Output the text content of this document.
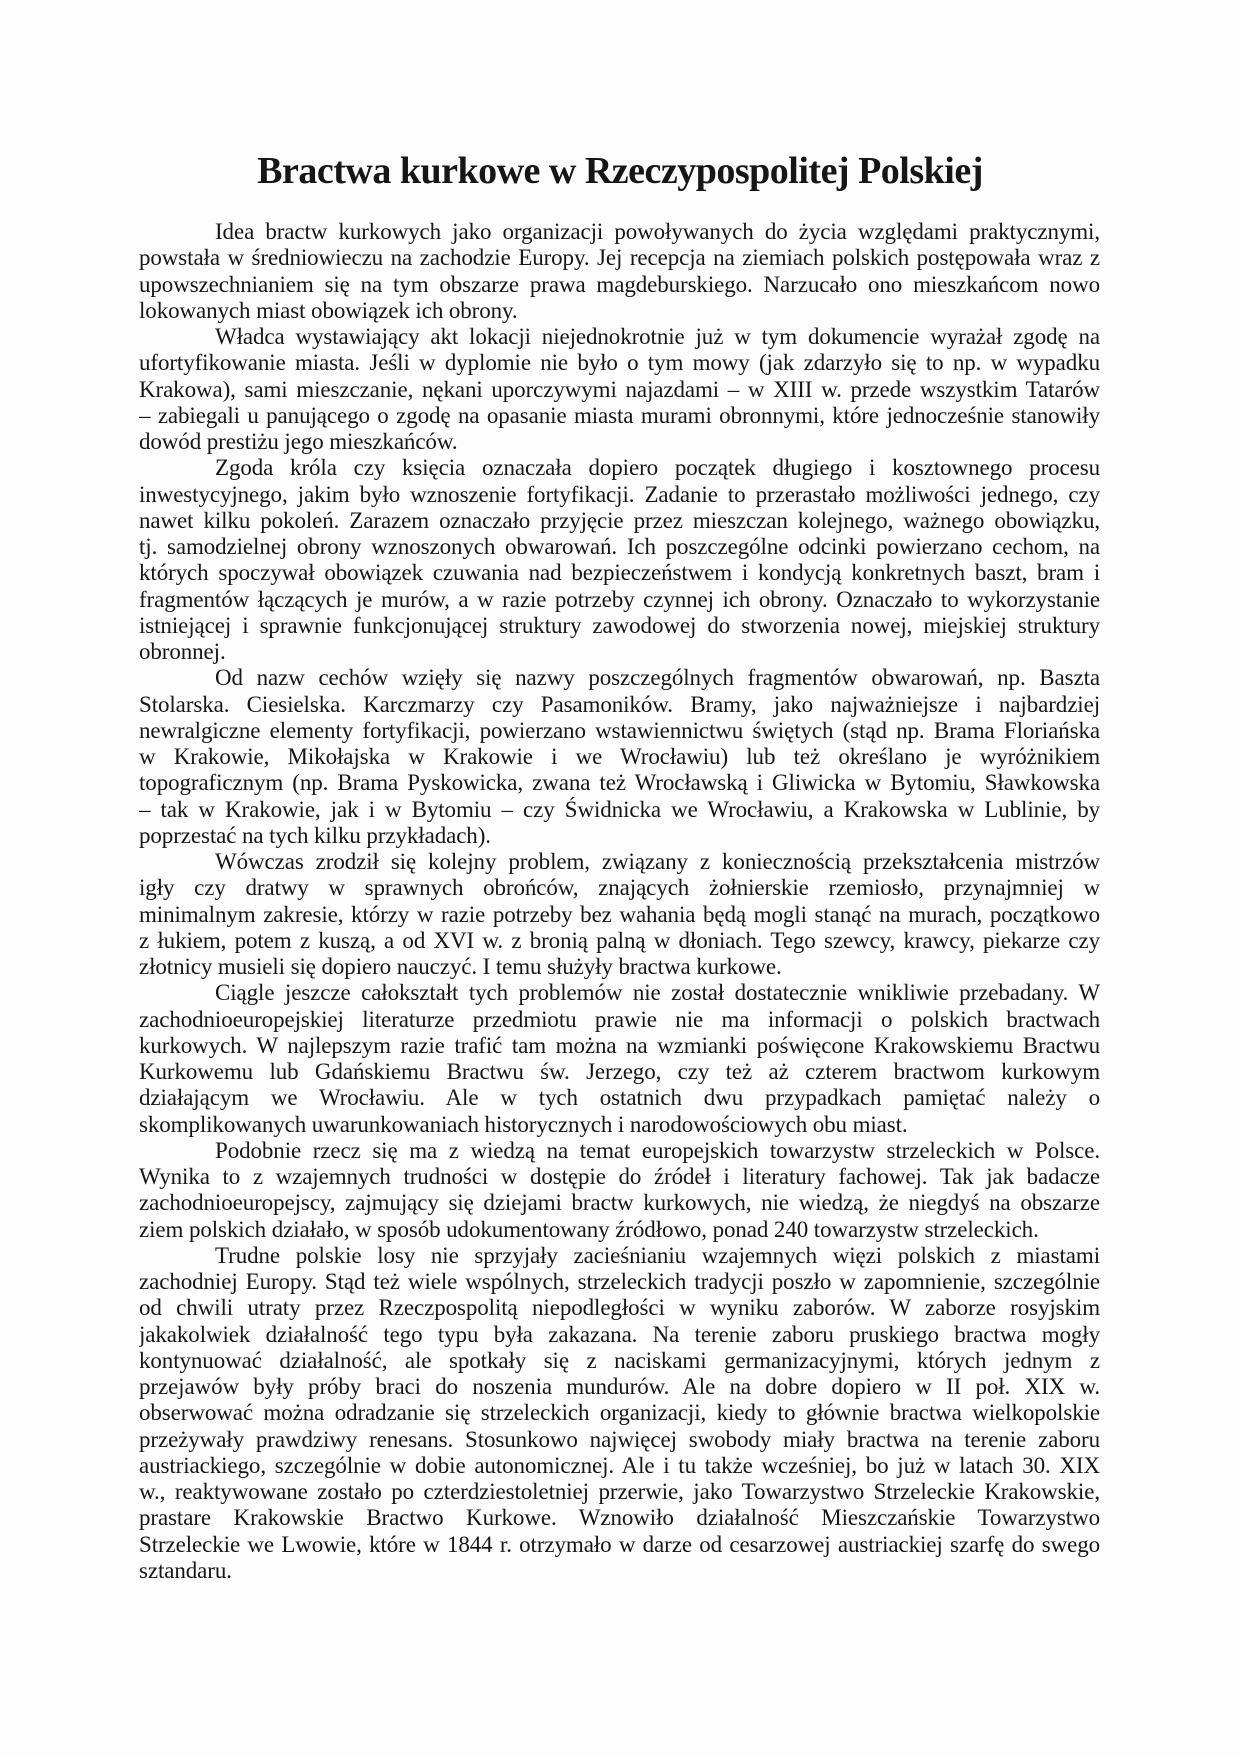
Bractwa kurkowe w Rzeczypospolitej Polskiej
Idea bractw kurkowych jako organizacji powoływanych do życia względami praktycznymi,
powstała w średniowieczu na zachodzie Europy. Jej recepcja na ziemiach polskich postępowała wraz z
upowszechnianiem się na tym obszarze prawa magdeburskiego. Narzucało ono mieszkańcom nowo
lokowanych miast obowiązek ich obrony.
Władca wystawiający akt lokacji niejednokrotnie już w tym dokumencie wyrażał zgodę na
ufortyfikowanie miasta. Jeśli w dyplomie nie było o tym mowy (jak zdarzyło się to np. w wypadku
Krakowa), sami mieszczanie, nękani uporczywymi najazdami – w XIII w. przede wszystkim Tatarów
– zabiegali u panującego o zgodę na opasanie miasta murami obronnymi, które jednocześnie stanowiły
dowód prestiżu jego mieszkańców.
Zgoda króla czy księcia oznaczała dopiero początek długiego i kosztownego procesu
inwestycyjnego, jakim było wznoszenie fortyfikacji. Zadanie to przerastało możliwości jednego, czy
nawet kilku pokoleń. Zarazem oznaczało przyjęcie przez mieszczan kolejnego, ważnego obowiązku,
tj. samodzielnej obrony wznoszonych obwarowań. Ich poszczególne odcinki powierzano cechom, na
których spoczywał obowiązek czuwania nad bezpieczeństwem i kondycją konkretnych baszt, bram i
fragmentów łączących je murów, a w razie potrzeby czynnej ich obrony. Oznaczało to wykorzystanie
istniejącej i sprawnie funkcjonującej struktury zawodowej do stworzenia nowej, miejskiej struktury
obronnej.
Od nazw cechów wzięły się nazwy poszczególnych fragmentów obwarowań, np. Baszta
Stolarska. Ciesielska. Karczmarzy czy Pasamoników. Bramy, jako najważniejsze i najbardziej
newralgiczne elementy fortyfikacji, powierzano wstawiennictwu świętych (stąd np. Brama Floriańska
w Krakowie, Mikołajska w Krakowie i we Wrocławiu) lub też określano je wyróżnikiem
topograficznym (np. Brama Pyskowicka, zwana też Wrocławską i Gliwicka w Bytomiu, Sławkowska
– tak w Krakowie, jak i w Bytomiu – czy Świdnicka we Wrocławiu, a Krakowska w Lublinie, by
poprzestać na tych kilku przykładach).
Wówczas zrodził się kolejny problem, związany z koniecznością przekształcenia mistrzów
igły czy dratwy w sprawnych obrońców, znających żołnierskie rzemiosło, przynajmniej w
minimalnym zakresie, którzy w razie potrzeby bez wahania będą mogli stanąć na murach, początkowo
z łukiem, potem z kuszą, a od XVI w. z bronią palną w dłoniach. Tego szewcy, krawcy, piekarze czy
złotnicy musieli się dopiero nauczyć. I temu służyły bractwa kurkowe.
Ciągle jeszcze całokształt tych problemów nie został dostatecznie wnikliwie przebadany. W
zachodnioeuropejskiej literaturze przedmiotu prawie nie ma informacji o polskich bractwach
kurkowych. W najlepszym razie trafić tam można na wzmianki poświęcone Krakowskiemu Bractwu
Kurkowemu lub Gdańskiemu Bractwu św. Jerzego, czy też aż czterem bractwom kurkowym
działającym we Wrocławiu. Ale w tych ostatnich dwu przypadkach pamiętać należy o
skomplikowanych uwarunkowaniach historycznych i narodowościowych obu miast.
Podobnie rzecz się ma z wiedzą na temat europejskich towarzystw strzeleckich w Polsce.
Wynika to z wzajemnych trudności w dostępie do źródeł i literatury fachowej. Tak jak badacze
zachodnioeuropejscy, zajmujący się dziejami bractw kurkowych, nie wiedzą, że niegdyś na obszarze
ziem polskich działało, w sposób udokumentowany źródłowo, ponad 240 towarzystw strzeleckich.
Trudne polskie losy nie sprzyjały zacieśnianiu wzajemnych więzi polskich z miastami
zachodniej Europy. Stąd też wiele wspólnych, strzeleckich tradycji poszło w zapomnienie, szczególnie
od chwili utraty przez Rzeczpospolitą niepodległości w wyniku zaborów. W zaborze rosyjskim
jakakolwiek działalność tego typu była zakazana. Na terenie zaboru pruskiego bractwa mogły
kontynuować działalność, ale spotkały się z naciskami germanizacyjnymi, których jednym z
przejawów były próby braci do noszenia mundurów. Ale na dobre dopiero w II poł. XIX w.
obserwować można odradzanie się strzeleckich organizacji, kiedy to głównie bractwa wielkopolskie
przeżywały prawdziwy renesans. Stosunkowo najwięcej swobody miały bractwa na terenie zaboru
austriackiego, szczególnie w dobie autonomicznej. Ale i tu także wcześniej, bo już w latach 30. XIX
w., reaktywowane zostało po czterdziestoletniej przerwie, jako Towarzystwo Strzeleckie Krakowskie,
prastare Krakowskie Bractwo Kurkowe. Wznowiło działalność Mieszczańskie Towarzystwo
Strzeleckie we Lwowie, które w 1844 r. otrzymało w darze od cesarzowej austriackiej szarfę do swego
sztandaru.
